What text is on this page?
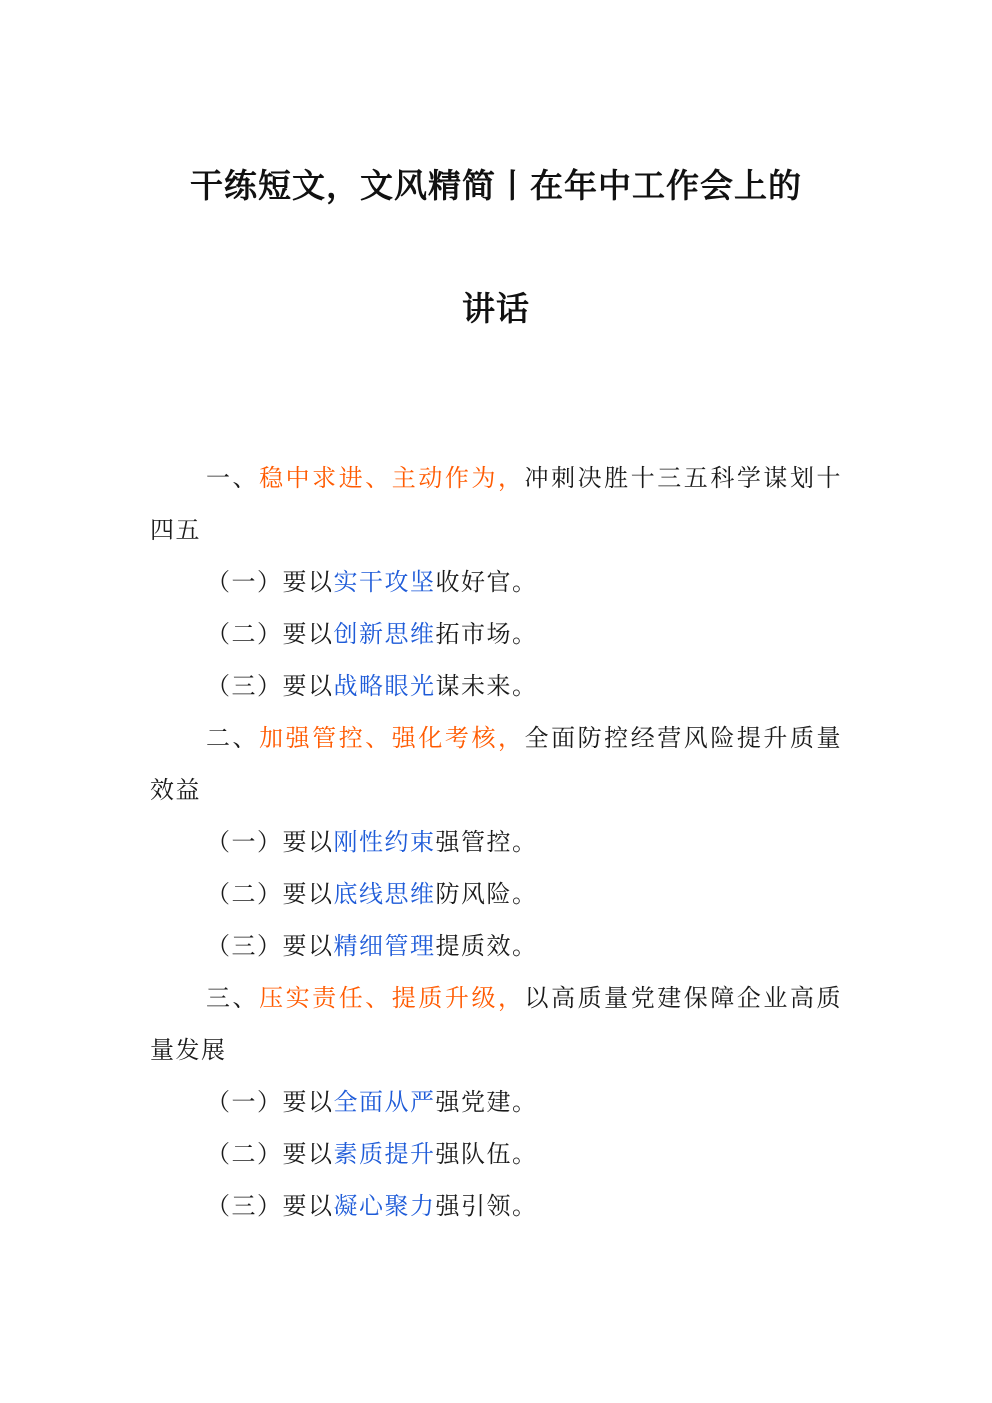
干练短文，文风精简丨在年中工作会上的
讲话

一、稳中求进、主动作为，冲刺决胜十三五科学谋划十四五

（一）要以实干攻坚收好官。

（二）要以创新思维拓市场。

（三）要以战略眼光谋未来。

二、加强管控、强化考核，全面防控经营风险提升质量效益

（一）要以刚性约束强管控。

（二）要以底线思维防风险。

（三）要以精细管理提质效。

三、压实责任、提质升级，以高质量党建保障企业高质量发展

（一）要以全面从严强党建。

（二）要以素质提升强队伍。

（三）要以凝心聚力强引领。
